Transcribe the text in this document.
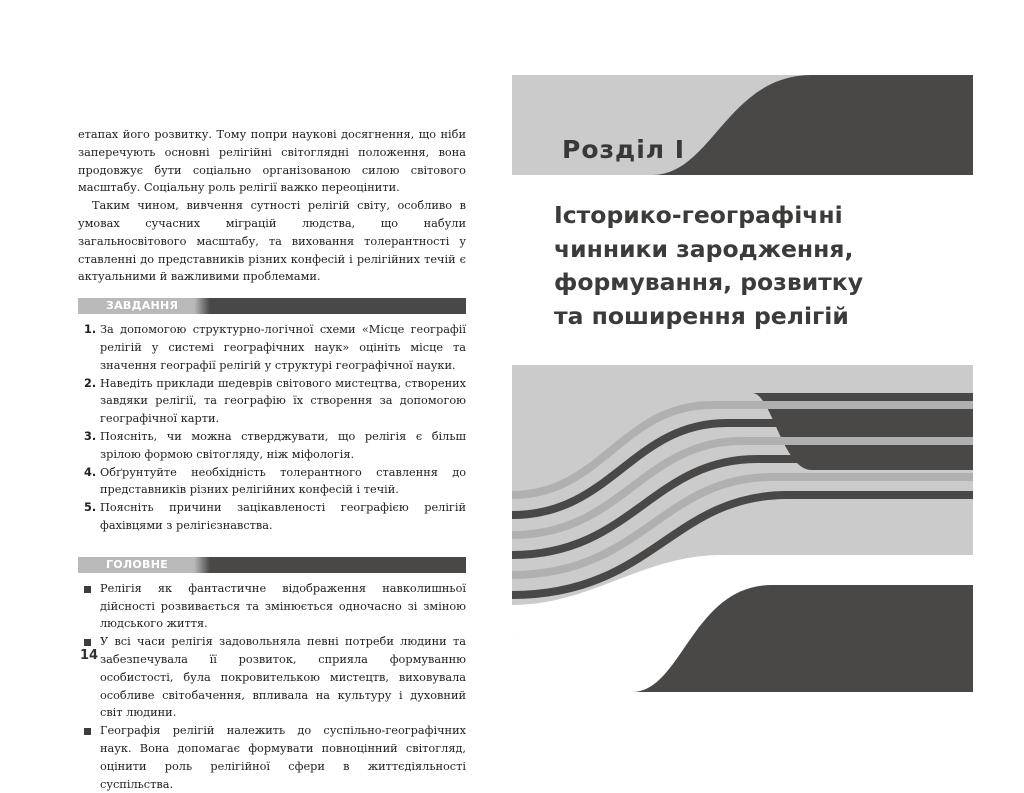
етапах його розвитку. Тому попри наукові досягнення, що ніби заперечують основні релігійні світоглядні положення, вона продовжує бути соціально організованою силою світового масштабу. Соціальну роль релігії важко переоцінити.

Таким чином, вивчення сутності релігій світу, особливо в умовах сучасних міграцій людства, що набули загальносвітового масштабу, та виховання толерантності у ставленні до представників різних конфесій і релігійних течій є актуальними й важливими проблемами.

ЗАВДАННЯ
1. За допомогою структурно-логічної схеми «Місце географії релігій у системі географічних наук» оцініть місце та значення географії релігій у структурі географічної науки.
2. Наведіть приклади шедеврів світового мистецтва, створених завдяки релігії, та географію їх створення за допомогою географічної карти.
3. Поясніть, чи можна стверджувати, що релігія є більш зрілою формою світогляду, ніж міфологія.
4. Обґрунтуйте необхідність толерантного ставлення до представників різних релігійних конфесій і течій.
5. Поясніть причини зацікавленості географією релігій фахівцями з релігієзнавства.
ГОЛОВНЕ
Релігія як фантастичне відображення навколишньої дійсності розвивається та змінюється одночасно зі зміною людського життя.
У всі часи релігія задовольняла певні потреби людини та забезпечувала її розвиток, сприяла формуванню особистості, була покровителькою мистецтв, виховувала особливе світобачення, впливала на культуру і духовний світ людини.
Географія релігій належить до суспільно-географічних наук. Вона допомагає формувати повноцінний світогляд, оцінити роль релігійної сфери в життєдіяльності суспільства.
14
Розділ I
Історико-географічні
чинники зародження,
формування, розвитку
та поширення релігій
